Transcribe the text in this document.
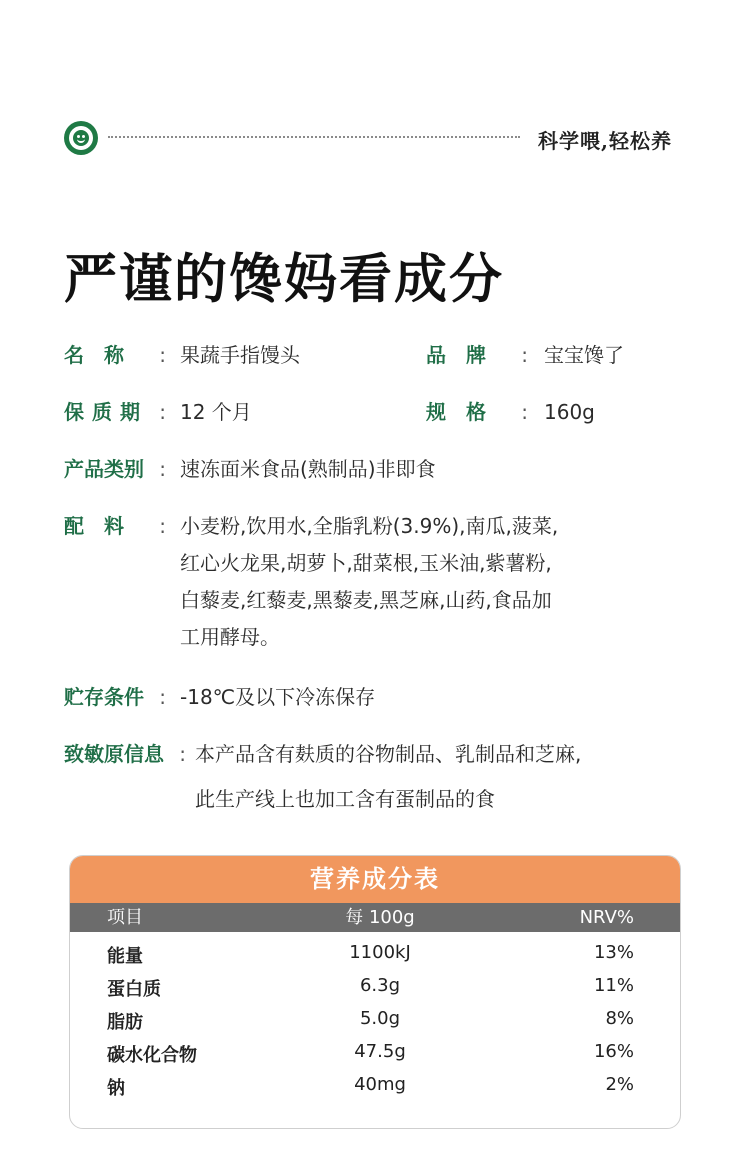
科学喂,轻松养
严谨的馋妈看成分
名　称 : 果蔬手指馒头	品　牌 : 宝宝馋了
保质期 : 12 个月	规　格 : 160g
产品类别 : 速冻面米食品(熟制品)非即食
配　料 : 小麦粉,饮用水,全脂乳粉(3.9%),南瓜,菠菜,
红心火龙果,胡萝卜,甜菜根,玉米油,紫薯粉,
白藜麦,红藜麦,黑藜麦,黑芝麻,山药,食品加
工用酵母。
贮存条件 : -18℃及以下冷冻保存
致敏原信息 : 本产品含有麸质的谷物制品、乳制品和芝麻,
此生产线上也加工含有蛋制品的食
营养成分表
项目	每 100g	NRV%
能量	1100kJ	13%
蛋白质	6.3g	11%
脂肪	5.0g	8%
碳水化合物	47.5g	16%
钠	40mg	2%
